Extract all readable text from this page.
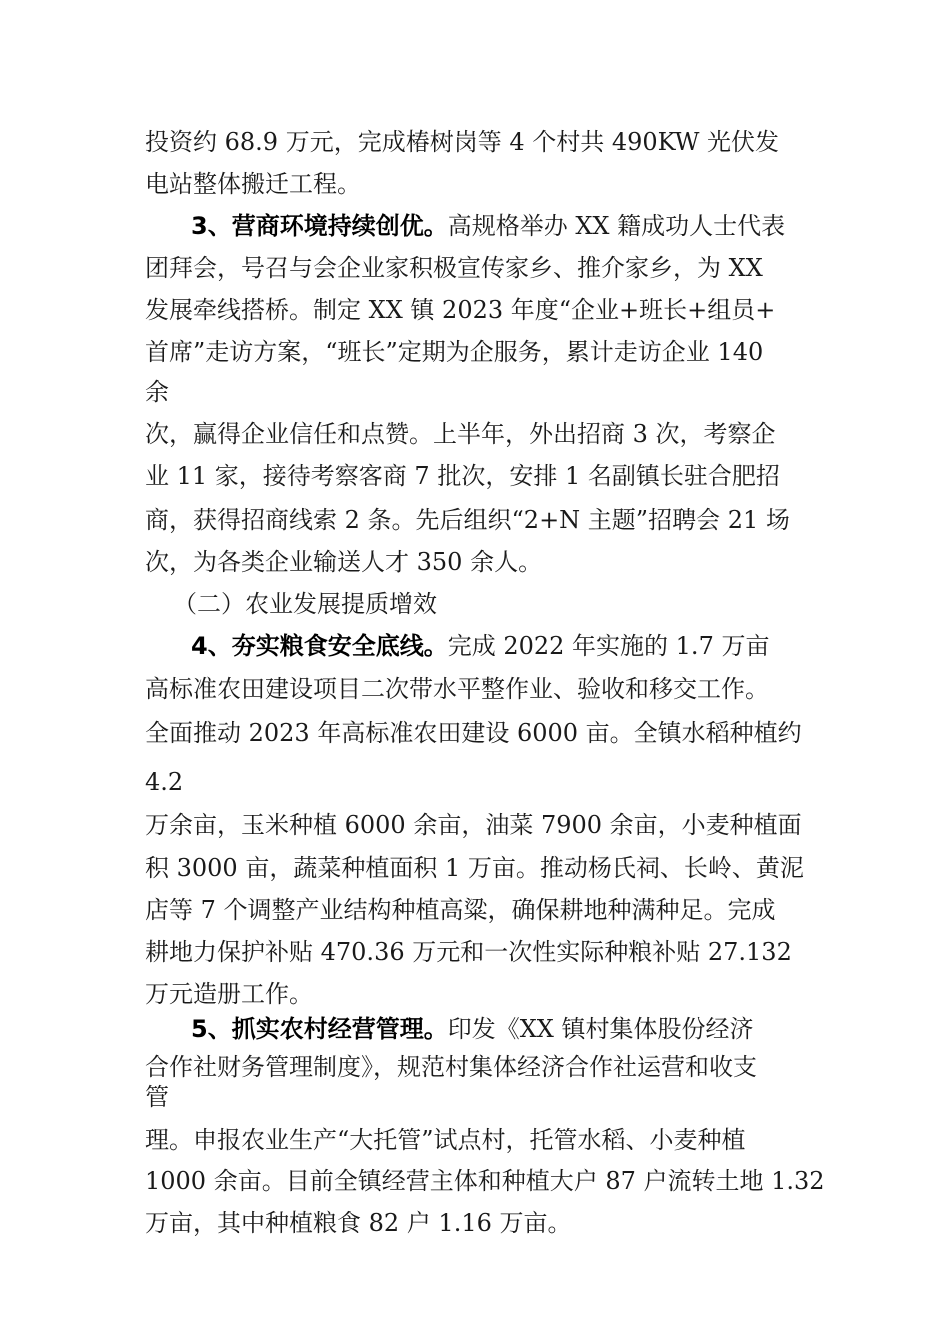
投资约 68.9 万元，完成椿树岗等 4 个村共 490KW 光伏发

电站整体搬迁工程。

3、营商环境持续创优。高规格举办 XX 籍成功人士代表

团拜会，号召与会企业家积极宣传家乡、推介家乡，为 XX

发展牵线搭桥。制定 XX 镇 2023 年度“企业+班长+组员+

首席”走访方案，“班长”定期为企服务，累计走访企业 140

余

次，赢得企业信任和点赞。上半年，外出招商 3 次，考察企

业 11 家，接待考察客商 7 批次，安排 1 名副镇长驻合肥招

商，获得招商线索 2 条。先后组织“2+N 主题”招聘会 21 场

次，为各类企业输送人才 350 余人。

（二）农业发展提质增效

4、夯实粮食安全底线。完成 2022 年实施的 1.7 万亩

高标准农田建设项目二次带水平整作业、验收和移交工作。

全面推动 2023 年高标准农田建设 6000 亩。全镇水稻种植约

4.2

万余亩，玉米种植 6000 余亩，油菜 7900 余亩，小麦种植面

积 3000 亩，蔬菜种植面积 1 万亩。推动杨氏祠、长岭、黄泥

店等 7 个调整产业结构种植高粱，确保耕地种满种足。完成

耕地力保护补贴 470.36 万元和一次性实际种粮补贴 27.132

万元造册工作。

5、抓实农村经营管理。印发《XX 镇村集体股份经济

合作社财务管理制度》，规范村集体经济合作社运营和收支

管

理。申报农业生产“大托管”试点村，托管水稻、小麦种植

1000 余亩。目前全镇经营主体和种植大户 87 户流转土地 1.32

万亩，其中种植粮食 82 户 1.16 万亩。
